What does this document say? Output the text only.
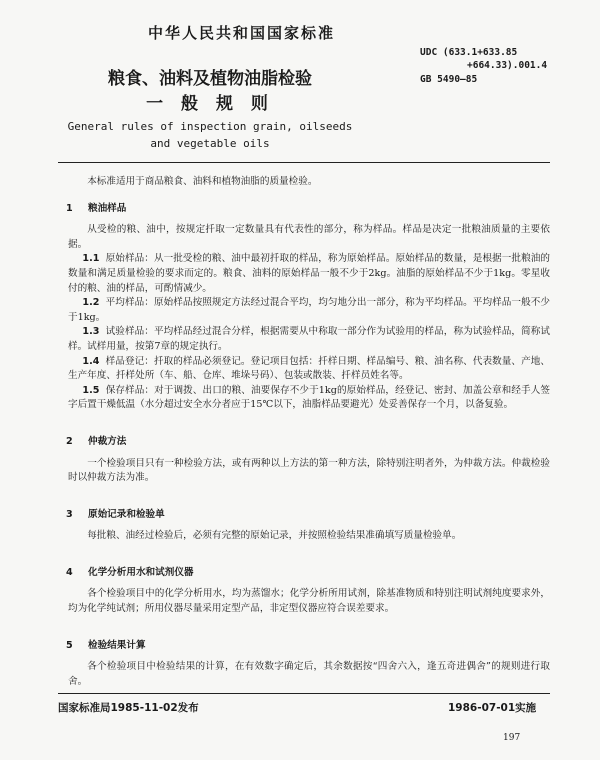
中华人民共和国国家标准
粮食、油料及植物油脂检验
一 般 规 则
General rules of inspection grain, oilseeds
and vegetable oils
UDC (633.1+633.85
+664.33).001.4
GB 5490—85

本标准适用于商品粮食、油料和植物油脂的质量检验。

1 粮油样品

从受检的粮、油中，按规定扦取一定数量具有代表性的部分，称为样品。样品是决定一批粮油质量的主要依据。

1.1 原始样品：从一批受检的粮、油中最初扦取的样品，称为原始样品。原始样品的数量，是根据一批粮油的数量和满足质量检验的要求而定的。粮食、油料的原始样品一般不少于2kg。油脂的原始样品不少于1kg。零星收付的粮、油的样品，可酌情减少。

1.2 平均样品：原始样品按照规定方法经过混合平均，均匀地分出一部分，称为平均样品。平均样品一般不少于1kg。

1.3 试验样品：平均样品经过混合分样，根据需要从中称取一部分作为试验用的样品，称为试验样品，简称试样。试样用量，按第7章的规定执行。

1.4 样品登记：扦取的样品必须登记。登记项目包括：扦样日期、样品编号、粮、油名称、代表数量、产地、生产年度、扦样处所（车、船、仓库、堆垛号码）、包装或散装、扦样员姓名等。

1.5 保存样品：对于调拨、出口的粮、油要保存不少于1kg的原始样品，经登记、密封、加盖公章和经手人签字后置干燥低温（水分超过安全水分者应于15℃以下，油脂样品要避光）处妥善保存一个月，以备复验。

2 仲裁方法

一个检验项目只有一种检验方法，或有两种以上方法的第一种方法，除特别注明者外，为仲裁方法。仲裁检验时以仲裁方法为准。

3 原始记录和检验单

每批粮、油经过检验后，必须有完整的原始记录，并按照检验结果准确填写质量检验单。

4 化学分析用水和试剂仪器

各个检验项目中的化学分析用水，均为蒸馏水；化学分析所用试剂，除基准物质和特别注明试剂纯度要求外，均为化学纯试剂；所用仪器尽量采用定型产品，非定型仪器应符合误差要求。

5 检验结果计算

各个检验项目中检验结果的计算，在有效数字确定后，其余数据按“四舍六入，逢五奇进偶舍”的规则进行取舍。

国家标准局1985-11-02发布	1986-07-01实施
197
